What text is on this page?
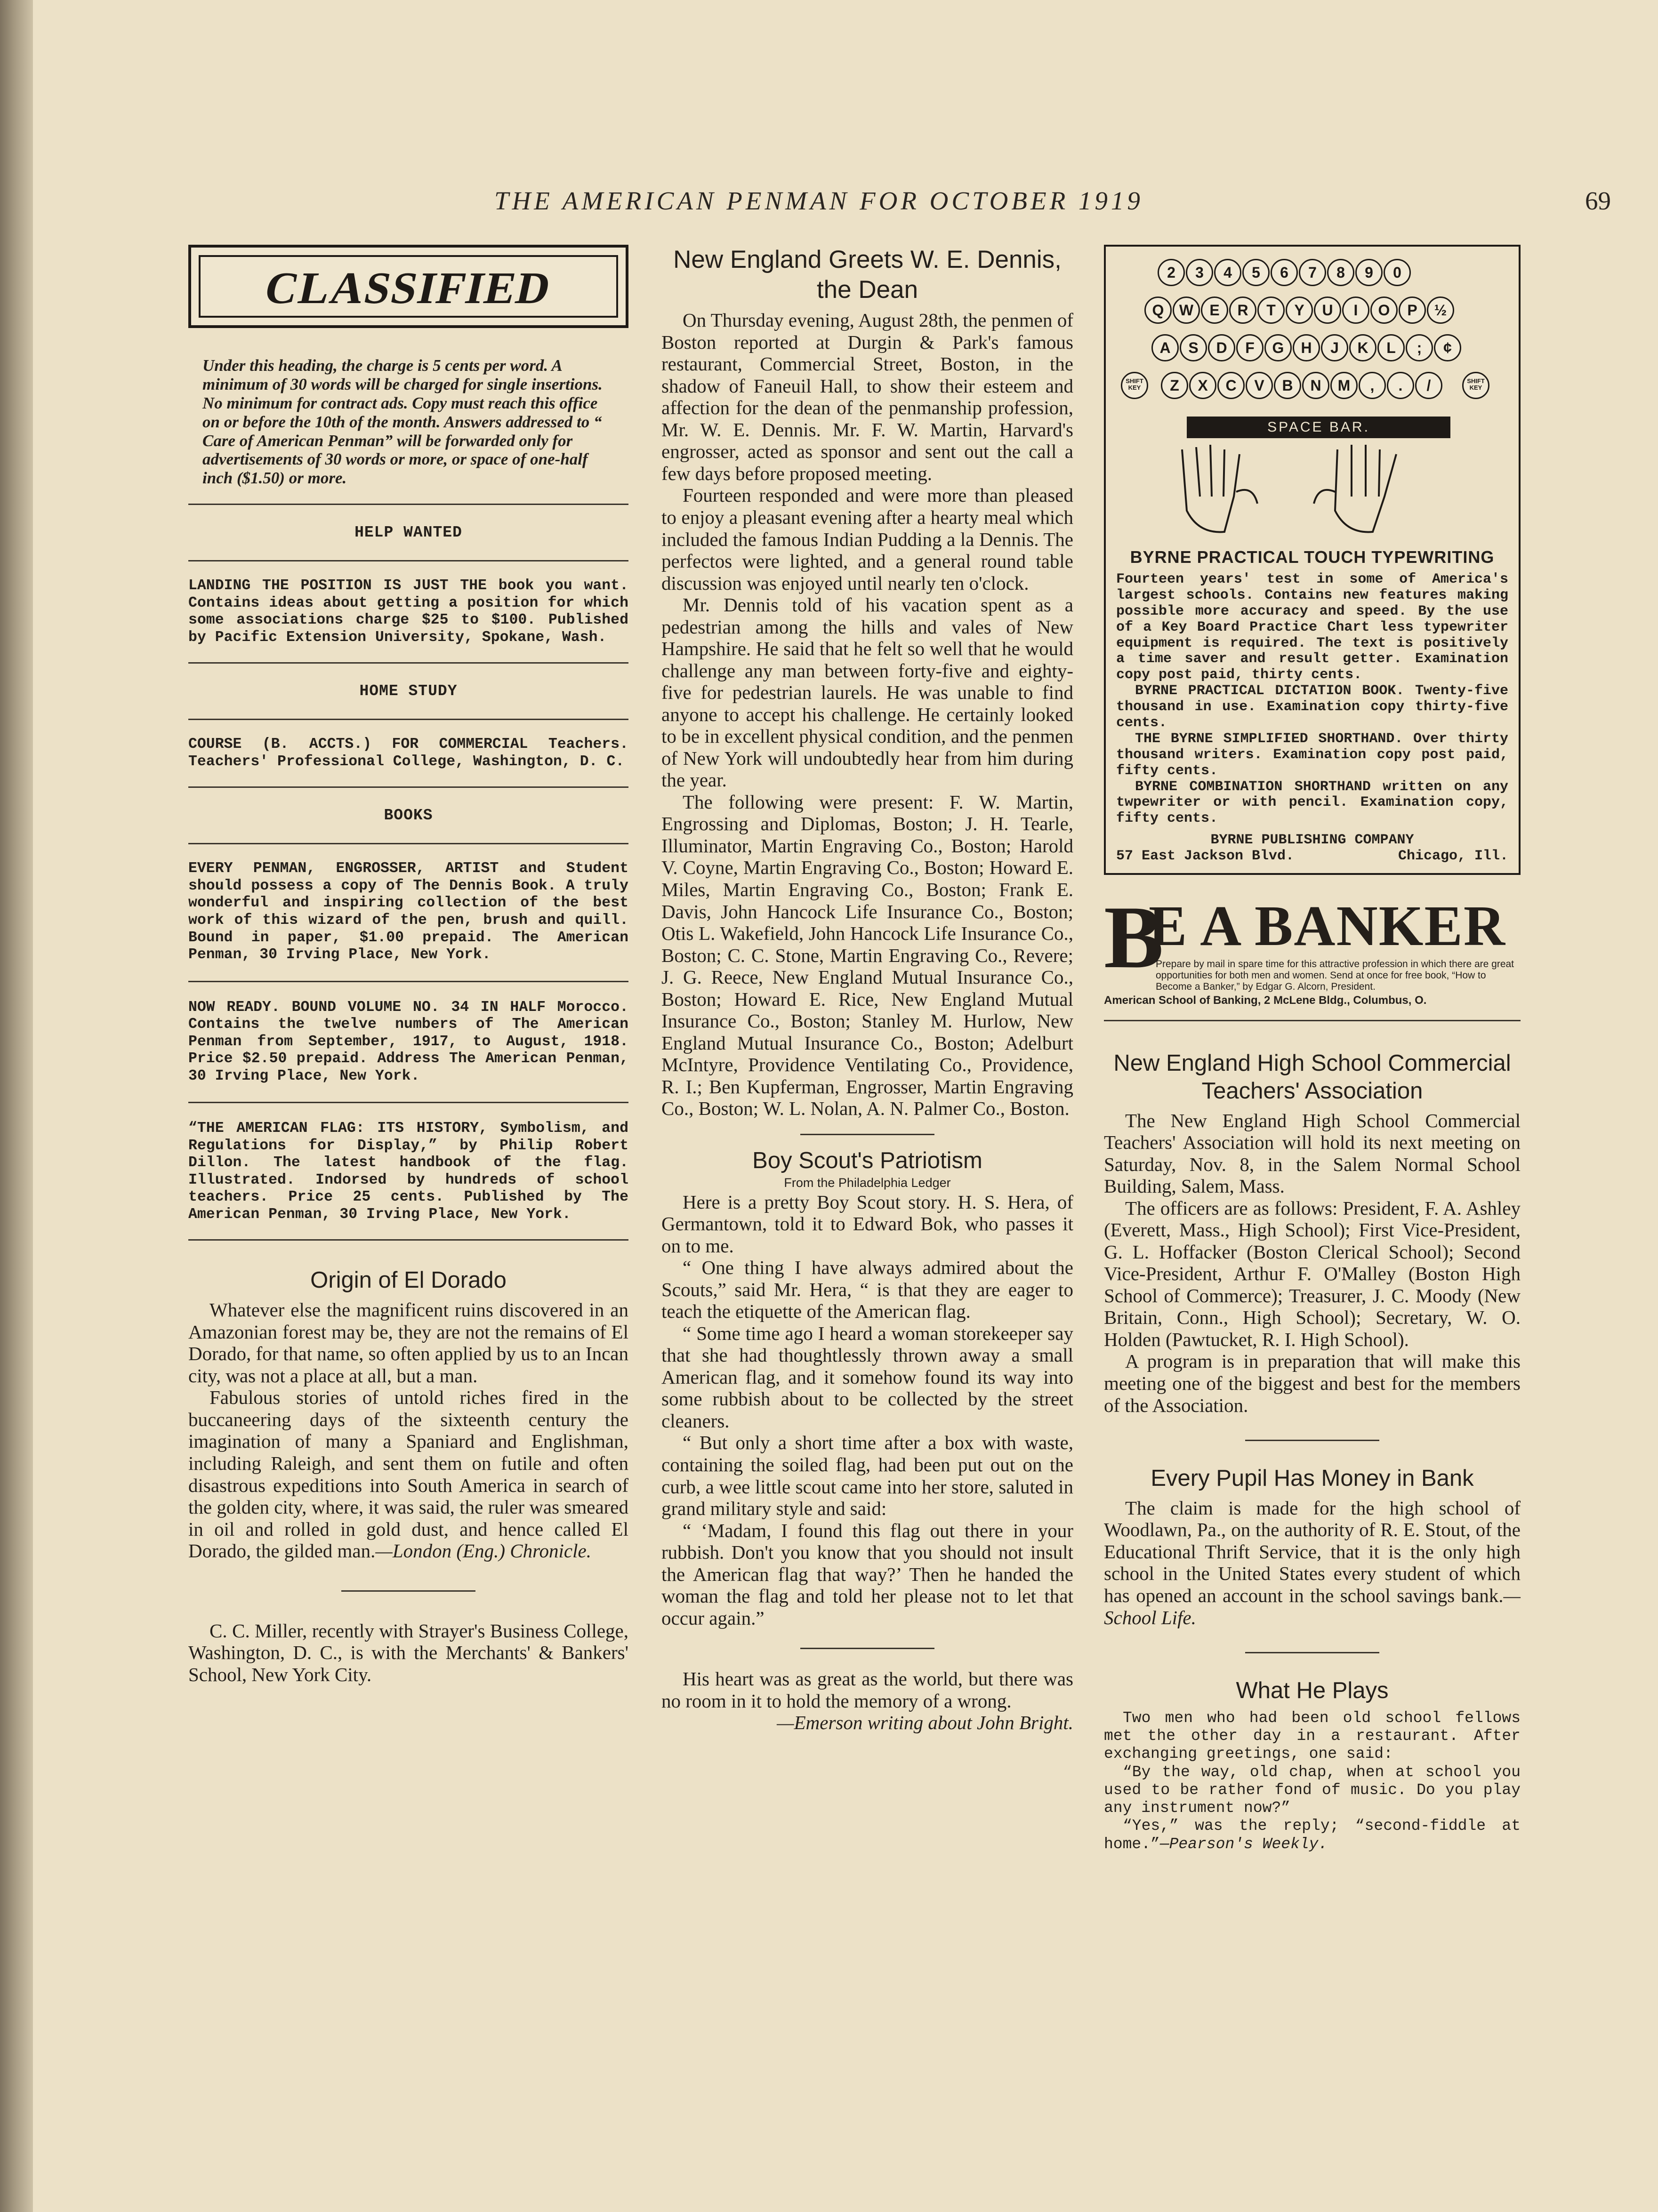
THE AMERICAN PENMAN FOR OCTOBER 1919	69
CLASSIFIED
Under this heading, the charge is 5 cents per word. A minimum of 30 words will be charged for single insertions. No minimum for contract ads. Copy must reach this office on or before the 10th of the month. Answers addressed to “ Care of American Penman” will be forwarded only for advertisements of 30 words or more, or space of one-half inch ($1.50) or more.
HELP WANTED
LANDING THE POSITION IS JUST THE book you want. Contains ideas about getting a position for which some associations charge $25 to $100. Published by Pacific Extension University, Spokane, Wash.
HOME STUDY
COURSE (B. ACCTS.) FOR COMMERCIAL Teachers. Teachers' Professional College, Washington, D. C.
BOOKS
EVERY PENMAN, ENGROSSER, ARTIST and Student should possess a copy of The Dennis Book. A truly wonderful and inspiring collection of the best work of this wizard of the pen, brush and quill. Bound in paper, $1.00 prepaid. The American Penman, 30 Irving Place, New York.
NOW READY. BOUND VOLUME NO. 34 IN HALF Morocco. Contains the twelve numbers of The American Penman from September, 1917, to August, 1918. Price $2.50 prepaid. Address The American Penman, 30 Irving Place, New York.
“THE AMERICAN FLAG: ITS HISTORY, Symbolism, and Regulations for Display,” by Philip Robert Dillon. The latest handbook of the flag. Illustrated. Indorsed by hundreds of school teachers. Price 25 cents. Published by The American Penman, 30 Irving Place, New York.
Origin of El Dorado

Whatever else the magnificent ruins discovered in an Amazonian forest may be, they are not the remains of El Dorado, for that name, so often applied by us to an Incan city, was not a place at all, but a man.

Fabulous stories of untold riches fired in the buccaneering days of the sixteenth century the imagination of many a Spaniard and Englishman, including Raleigh, and sent them on futile and often disastrous expeditions into South America in search of the golden city, where, it was said, the ruler was smeared in oil and rolled in gold dust, and hence called El Dorado, the gilded man.—London (Eng.) Chronicle.

C. C. Miller, recently with Strayer's Business College, Washington, D. C., is with the Merchants' & Bankers' School, New York City.

New England Greets W. E. Dennis, the Dean

On Thursday evening, August 28th, the penmen of Boston reported at Durgin & Park's famous restaurant, Commercial Street, Boston, in the shadow of Faneuil Hall, to show their esteem and affection for the dean of the penmanship profession, Mr. W. E. Dennis. Mr. F. W. Martin, Harvard's engrosser, acted as sponsor and sent out the call a few days before proposed meeting.

Fourteen responded and were more than pleased to enjoy a pleasant evening after a hearty meal which included the famous Indian Pudding a la Dennis. The perfectos were lighted, and a general round table discussion was enjoyed until nearly ten o'clock.

Mr. Dennis told of his vacation spent as a pedestrian among the hills and vales of New Hampshire. He said that he felt so well that he would challenge any man between forty-five and eighty-five for pedestrian laurels. He was unable to find anyone to accept his challenge. He certainly looked to be in excellent physical condition, and the penmen of New York will undoubtedly hear from him during the year.

The following were present: F. W. Martin, Engrossing and Diplomas, Boston; J. H. Tearle, Illuminator, Martin Engraving Co., Boston; Harold V. Coyne, Martin Engraving Co., Boston; Howard E. Miles, Martin Engraving Co., Boston; Frank E. Davis, John Hancock Life Insurance Co., Boston; Otis L. Wakefield, John Hancock Life Insurance Co., Boston; C. C. Stone, Martin Engraving Co., Revere; J. G. Reece, New England Mutual Insurance Co., Boston; Howard E. Rice, New England Mutual Insurance Co., Boston; Stanley M. Hurlow, New England Mutual Insurance Co., Boston; Adelburt McIntyre, Providence Ventilating Co., Providence, R. I.; Ben Kupferman, Engrosser, Martin Engraving Co., Boston; W. L. Nolan, A. N. Palmer Co., Boston.

Boy Scout's Patriotism
From the Philadelphia Ledger

Here is a pretty Boy Scout story. H. S. Hera, of Germantown, told it to Edward Bok, who passes it on to me.

“ One thing I have always admired about the Scouts,” said Mr. Hera, “ is that they are eager to teach the etiquette of the American flag.

“ Some time ago I heard a woman storekeeper say that she had thoughtlessly thrown away a small American flag, and it somehow found its way into some rubbish about to be collected by the street cleaners.

“ But only a short time after a box with waste, containing the soiled flag, had been put out on the curb, a wee little scout came into her store, saluted in grand military style and said:

“ ‘Madam, I found this flag out there in your rubbish. Don't you know that you should not insult the American flag that way?’ Then he handed the woman the flag and told her please not to let that occur again.”

His heart was as great as the world, but there was no room in it to hold the memory of a wrong.

—Emerson writing about John Bright.

2	3	4	5	6	7	8	9	0
Q	W	E	R	T	Y	U	I	O	P	½
A	S	D	F	G	H	J	K	L	;	¢
SHIFT KEY	Z	X	C	V	B	N	M	,	.	/	SHIFT KEY
SPACE BAR.
BYRNE PRACTICAL TOUCH TYPEWRITING
Fourteen years' test in some of America's largest schools. Contains new features making possible more accuracy and speed. By the use of a Key Board Practice Chart less typewriter equipment is required. The text is positively a time saver and result getter. Examination copy post paid, thirty cents.
BYRNE PRACTICAL DICTATION BOOK. Twenty-five thousand in use. Examination copy thirty-five cents.
THE BYRNE SIMPLIFIED SHORTHAND. Over thirty thousand writers. Examination copy post paid, fifty cents.
BYRNE COMBINATION SHORTHAND written on any twpewriter or with pencil. Examination copy, fifty cents.
BYRNE PUBLISHING COMPANY
57 East Jackson Blvd.	Chicago, Ill.
B
E A BANKER
Prepare by mail in spare time for this attractive profession in which there are great opportunities for both men and women. Send at once for free book, “How to Become a Banker,” by Edgar G. Alcorn, President.
American School of Banking, 2 McLene Bldg., Columbus, O.
New England High School Commercial Teachers' Association

The New England High School Commercial Teachers' Association will hold its next meeting on Saturday, Nov. 8, in the Salem Normal School Building, Salem, Mass.

The officers are as follows: President, F. A. Ashley (Everett, Mass., High School); First Vice-President, G. L. Hoffacker (Boston Clerical School); Second Vice-President, Arthur F. O'Malley (Boston High School of Commerce); Treasurer, J. C. Moody (New Britain, Conn., High School); Secretary, W. O. Holden (Pawtucket, R. I. High School).

A program is in preparation that will make this meeting one of the biggest and best for the members of the Association.

Every Pupil Has Money in Bank

The claim is made for the high school of Woodlawn, Pa., on the authority of R. E. Stout, of the Educational Thrift Service, that it is the only high school in the United States every student of which has opened an account in the school savings bank.—School Life.

What He Plays
Two men who had been old school fellows met the other day in a restaurant. After exchanging greetings, one said:
“By the way, old chap, when at school you used to be rather fond of music. Do you play any instrument now?”
“Yes,” was the reply; “second-fiddle at home.”—Pearson's Weekly.
